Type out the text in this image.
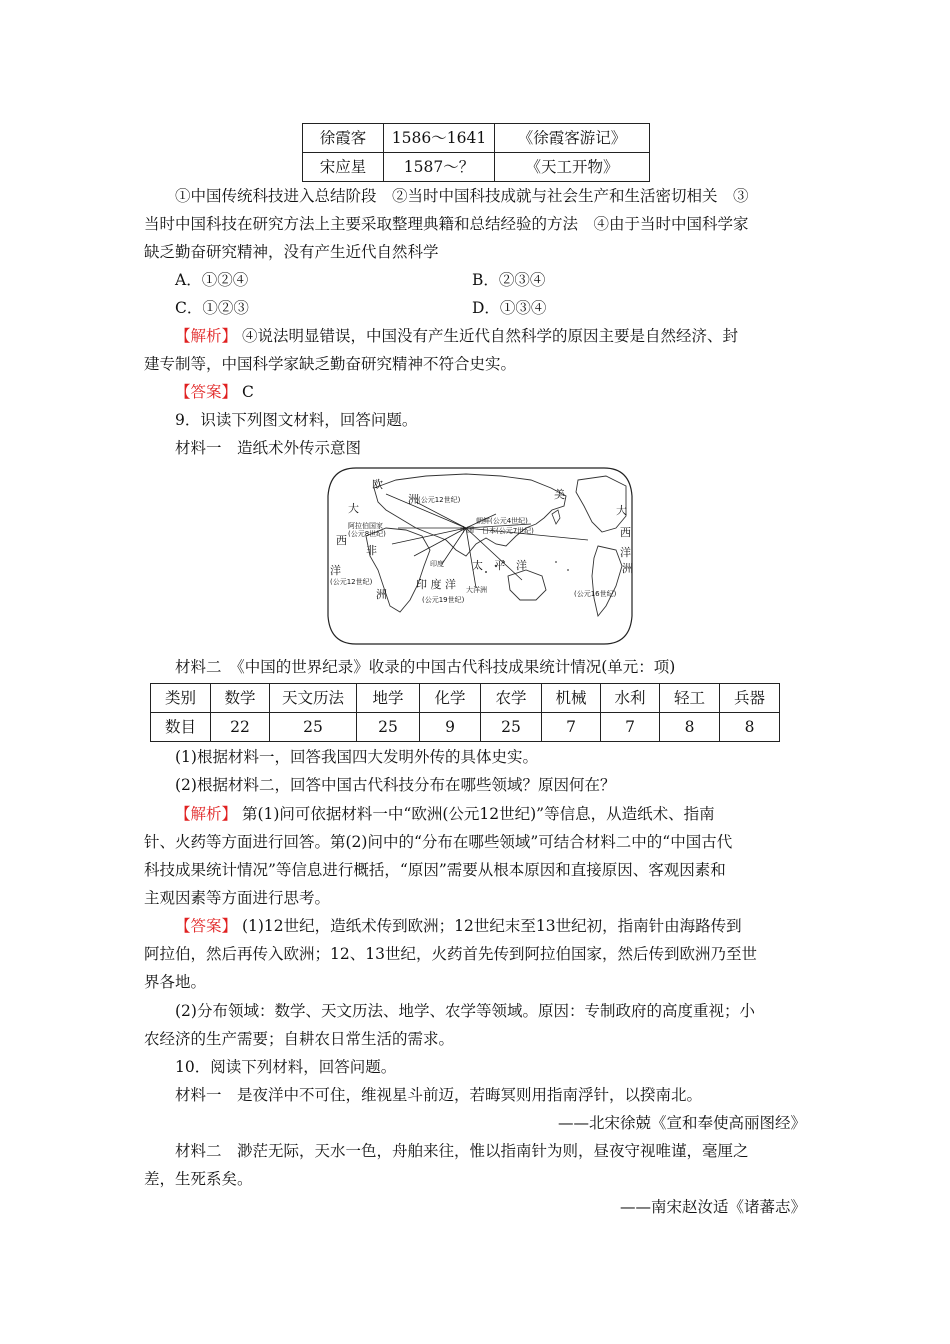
徐霞客	1586～1641	《徐霞客游记》
宋应星	1587～？	《天工开物》
①中国传统科技进入总结阶段　②当时中国科技成就与社会生产和生活密切相关　③
当时中国科技在研究方法上主要采取整理典籍和总结经验的方法　④由于当时中国科学家
缺乏勤奋研究精神，没有产生近代自然科学
A．①②④	B．②③④
C．①②③	D．①③④
【解析】 ④说法明显错误，中国没有产生近代自然科学的原因主要是自然经济、封
建专制等，中国科学家缺乏勤奋研究精神不符合史实。
【答案】 C
9．识读下列图文材料，回答问题。
材料一　造纸术外传示意图
欧
洲 (公元12世纪)
大
西
阿拉伯国家
(公元8世纪)
非
洋
(公元12世纪)
洲
中国
朝鲜(公元4世纪)
日本(公元7世纪)
印度
印 度 洋
太　平　洋
大洋洲
(公元19世纪)
大
美
西
洋
洲
(公元16世纪)
材料二　《中国的世界纪录》收录的中国古代科技成果统计情况(单元：项)
类别	数学	天文历法	地学	化学	农学	机械	水利	轻工	兵器
数目	22	25	25	9	25	7	7	8	8
(1)根据材料一，回答我国四大发明外传的具体史实。
(2)根据材料二，回答中国古代科技分布在哪些领域？原因何在？
【解析】 第(1)问可依据材料一中“欧洲(公元12世纪)”等信息，从造纸术、指南
针、火药等方面进行回答。第(2)问中的“分布在哪些领域”可结合材料二中的“中国古代
科技成果统计情况”等信息进行概括，“原因”需要从根本原因和直接原因、客观因素和
主观因素等方面进行思考。
【答案】 (1)12世纪，造纸术传到欧洲；12世纪末至13世纪初，指南针由海路传到
阿拉伯，然后再传入欧洲；12、13世纪，火药首先传到阿拉伯国家，然后传到欧洲乃至世
界各地。
(2)分布领域：数学、天文历法、地学、农学等领域。原因：专制政府的高度重视；小
农经济的生产需要；自耕农日常生活的需求。
10．阅读下列材料，回答问题。
材料一　是夜洋中不可住，维视星斗前迈，若晦冥则用指南浮针，以揆南北。
——北宋徐兢《宣和奉使高丽图经》
材料二　渺茫无际，天水一色，舟舶来往，惟以指南针为则，昼夜守视唯谨，毫厘之
差，生死系矣。
——南宋赵汝适《诸蕃志》
